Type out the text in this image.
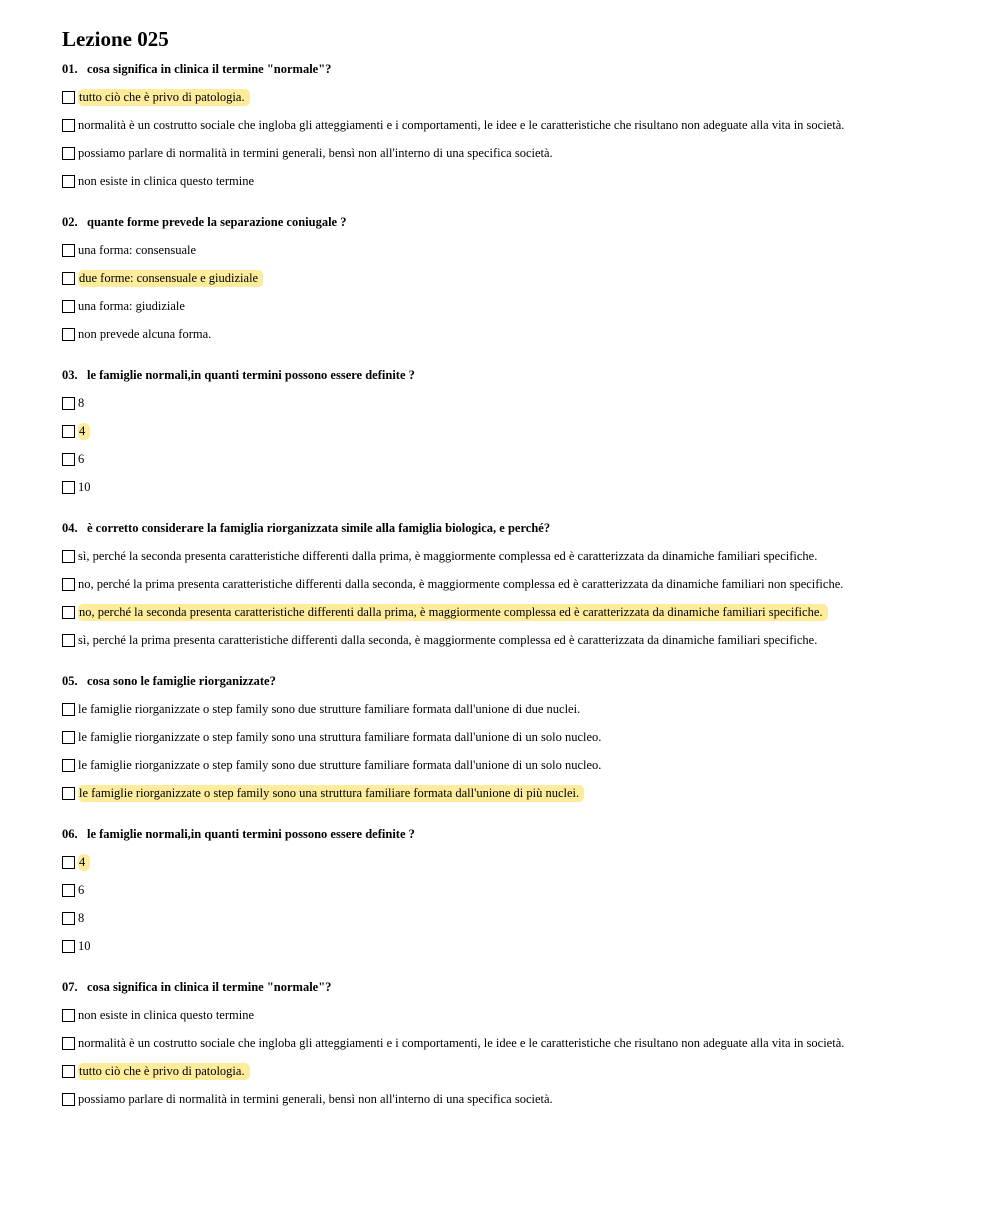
Lezione 025
01. cosa significa in clinica il termine "normale"?
tutto ciò che è privo di patologia.
normalità è un costrutto sociale che ingloba gli atteggiamenti e i comportamenti, le idee e le caratteristiche che risultano non adeguate alla vita in società.
possiamo parlare di normalità in termini generali, bensì non all'interno di una specifica società.
non esiste in clinica questo termine
02. quante forme prevede la separazione coniugale ?
una forma: consensuale
due forme: consensuale e giudiziale
una forma: giudiziale
non prevede alcuna forma.
03. le famiglie normali,in quanti termini possono essere definite ?
8
4
6
10
04. è corretto considerare la famiglia riorganizzata simile alla famiglia biologica, e perché?
sì, perché la seconda presenta caratteristiche differenti dalla prima, è maggiormente complessa ed è caratterizzata da dinamiche familiari specifiche.
no, perché la prima presenta caratteristiche differenti dalla seconda, è maggiormente complessa ed è caratterizzata da dinamiche familiari non specifiche.
no, perché la seconda presenta caratteristiche differenti dalla prima, è maggiormente complessa ed è caratterizzata da dinamiche familiari specifiche.
sì, perché la prima presenta caratteristiche differenti dalla seconda, è maggiormente complessa ed è caratterizzata da dinamiche familiari specifiche.
05. cosa sono le famiglie riorganizzate?
le famiglie riorganizzate o step family sono due strutture familiare formata dall'unione di due nuclei.
le famiglie riorganizzate o step family sono una struttura familiare formata dall'unione di un solo nucleo.
le famiglie riorganizzate o step family sono due strutture familiare formata dall'unione di un solo nucleo.
le famiglie riorganizzate o step family sono una struttura familiare formata dall'unione di più nuclei.
06. le famiglie normali,in quanti termini possono essere definite ?
4
6
8
10
07. cosa significa in clinica il termine "normale"?
non esiste in clinica questo termine
normalità è un costrutto sociale che ingloba gli atteggiamenti e i comportamenti, le idee e le caratteristiche che risultano non adeguate alla vita in società.
tutto ciò che è privo di patologia.
possiamo parlare di normalità in termini generali, bensì non all'interno di una specifica società.
